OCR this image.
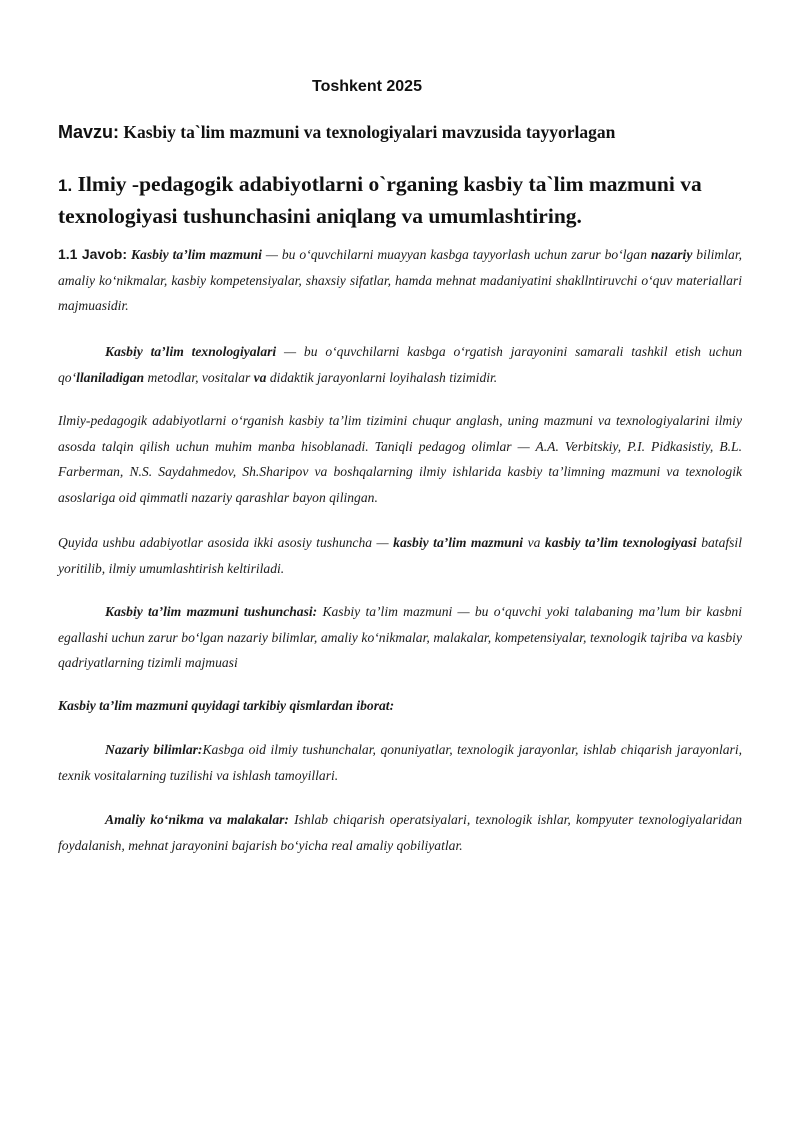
Toshkent 2025
Mavzu: Kasbiy ta`lim mazmuni va texnologiyalari mavzusida tayyorlagan
1. Ilmiy -pedagogik adabiyotlarni o`rganing kasbiy ta`lim mazmuni va texnologiyasi tushunchasini aniqlang va umumlashtiring.
1.1 Javob: Kasbiy ta’lim mazmuni — bu o‘quvchilarni muayyan kasbga tayyorlash uchun zarur bo‘lgan nazariy bilimlar, amaliy ko‘nikmalar, kasbiy kompetensiyalar, shaxsiy sifatlar, hamda mehnat madaniyatini shakllntiruvchi o‘quv materiallari majmuasidir.
Kasbiy ta’lim texnologiyalari — bu o‘quvchilarni kasbga o‘rgatish jarayonini samarali tashkil etish uchun qo‘llaniladigan metodlar, vositalar va didaktik jarayonlarni loyihalash tizimidir.
Ilmiy-pedagogik adabiyotlarni o‘rganish kasbiy ta’lim tizimini chuqur anglash, uning mazmuni va texnologiyalarini ilmiy asosda talqin qilish uchun muhim manba hisoblanadi. Taniqli pedagog olimlar — A.A. Verbitskiy, P.I. Pidkasistiy, B.L. Farberman, N.S. Saydahmedov, Sh.Sharipov va boshqalarning ilmiy ishlarida kasbiy ta’limning mazmuni va texnologik asoslariga oid qimmatli nazariy qarashlar bayon qilingan.
Quyida ushbu adabiyotlar asosida ikki asosiy tushuncha — kasbiy ta’lim mazmuni va kasbiy ta’lim texnologiyasi batafsil yoritilib, ilmiy umumlashtirish keltiriladi.
Kasbiy ta’lim mazmuni tushunchasi: Kasbiy ta’lim mazmuni — bu o‘quvchi yoki talabaning ma’lum bir kasbni egallashi uchun zarur bo‘lgan nazariy bilimlar, amaliy ko‘nikmalar, malakalar, kompetensiyalar, texnologik tajriba va kasbiy qadriyatlarning tizimli majmuasi
Kasbiy ta’lim mazmuni quyidagi tarkibiy qismlardan iborat:
Nazariy bilimlar:Kasbga oid ilmiy tushunchalar, qonuniyatlar, texnologik jarayonlar, ishlab chiqarish jarayonlari, texnik vositalarning tuzilishi va ishlash tamoyillari.
Amaliy ko‘nikma va malakalar: Ishlab chiqarish operatsiyalari, texnologik ishlar, kompyuter texnologiyalaridan foydalanish, mehnat jarayonini bajarish bo‘yicha real amaliy qobiliyatlar.
